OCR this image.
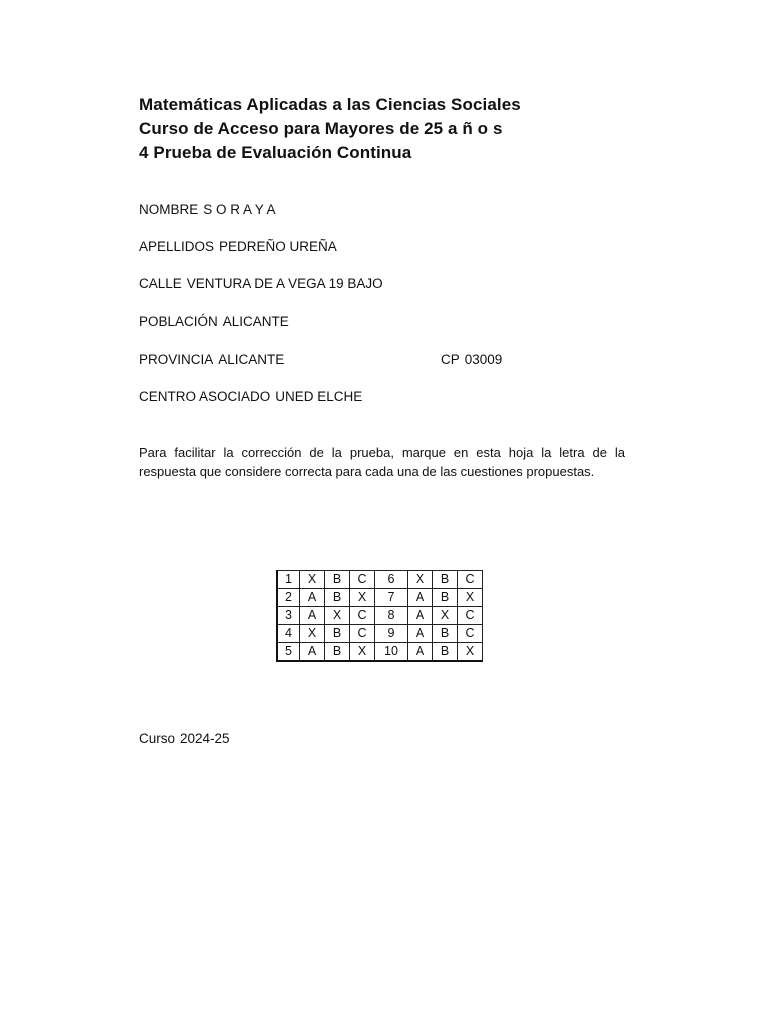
Matemáticas Aplicadas a las Ciencias Sociales
Curso de Acceso para Mayores de 25 a ñ o s
4 Prueba de Evaluación Continua
NOMBRE S O R A Y A
APELLIDOS PEDREÑO UREÑA
CALLE VENTURA DE A VEGA 19 BAJO
POBLACIÓN ALICANTE
PROVINCIA ALICANTE	CP 03009
CENTRO ASOCIADO UNED ELCHE
Para facilitar la corrección de la prueba, marque en esta hoja la letra de la respuesta que considere correcta para cada una de las cuestiones propuestas.
1	X	B	C	6	X	B	C
2	A	B	X	7	A	B	X
3	A	X	C	8	A	X	C
4	X	B	C	9	A	B	C
5	A	B	X	10	A	B	X
Curso 2024-25
